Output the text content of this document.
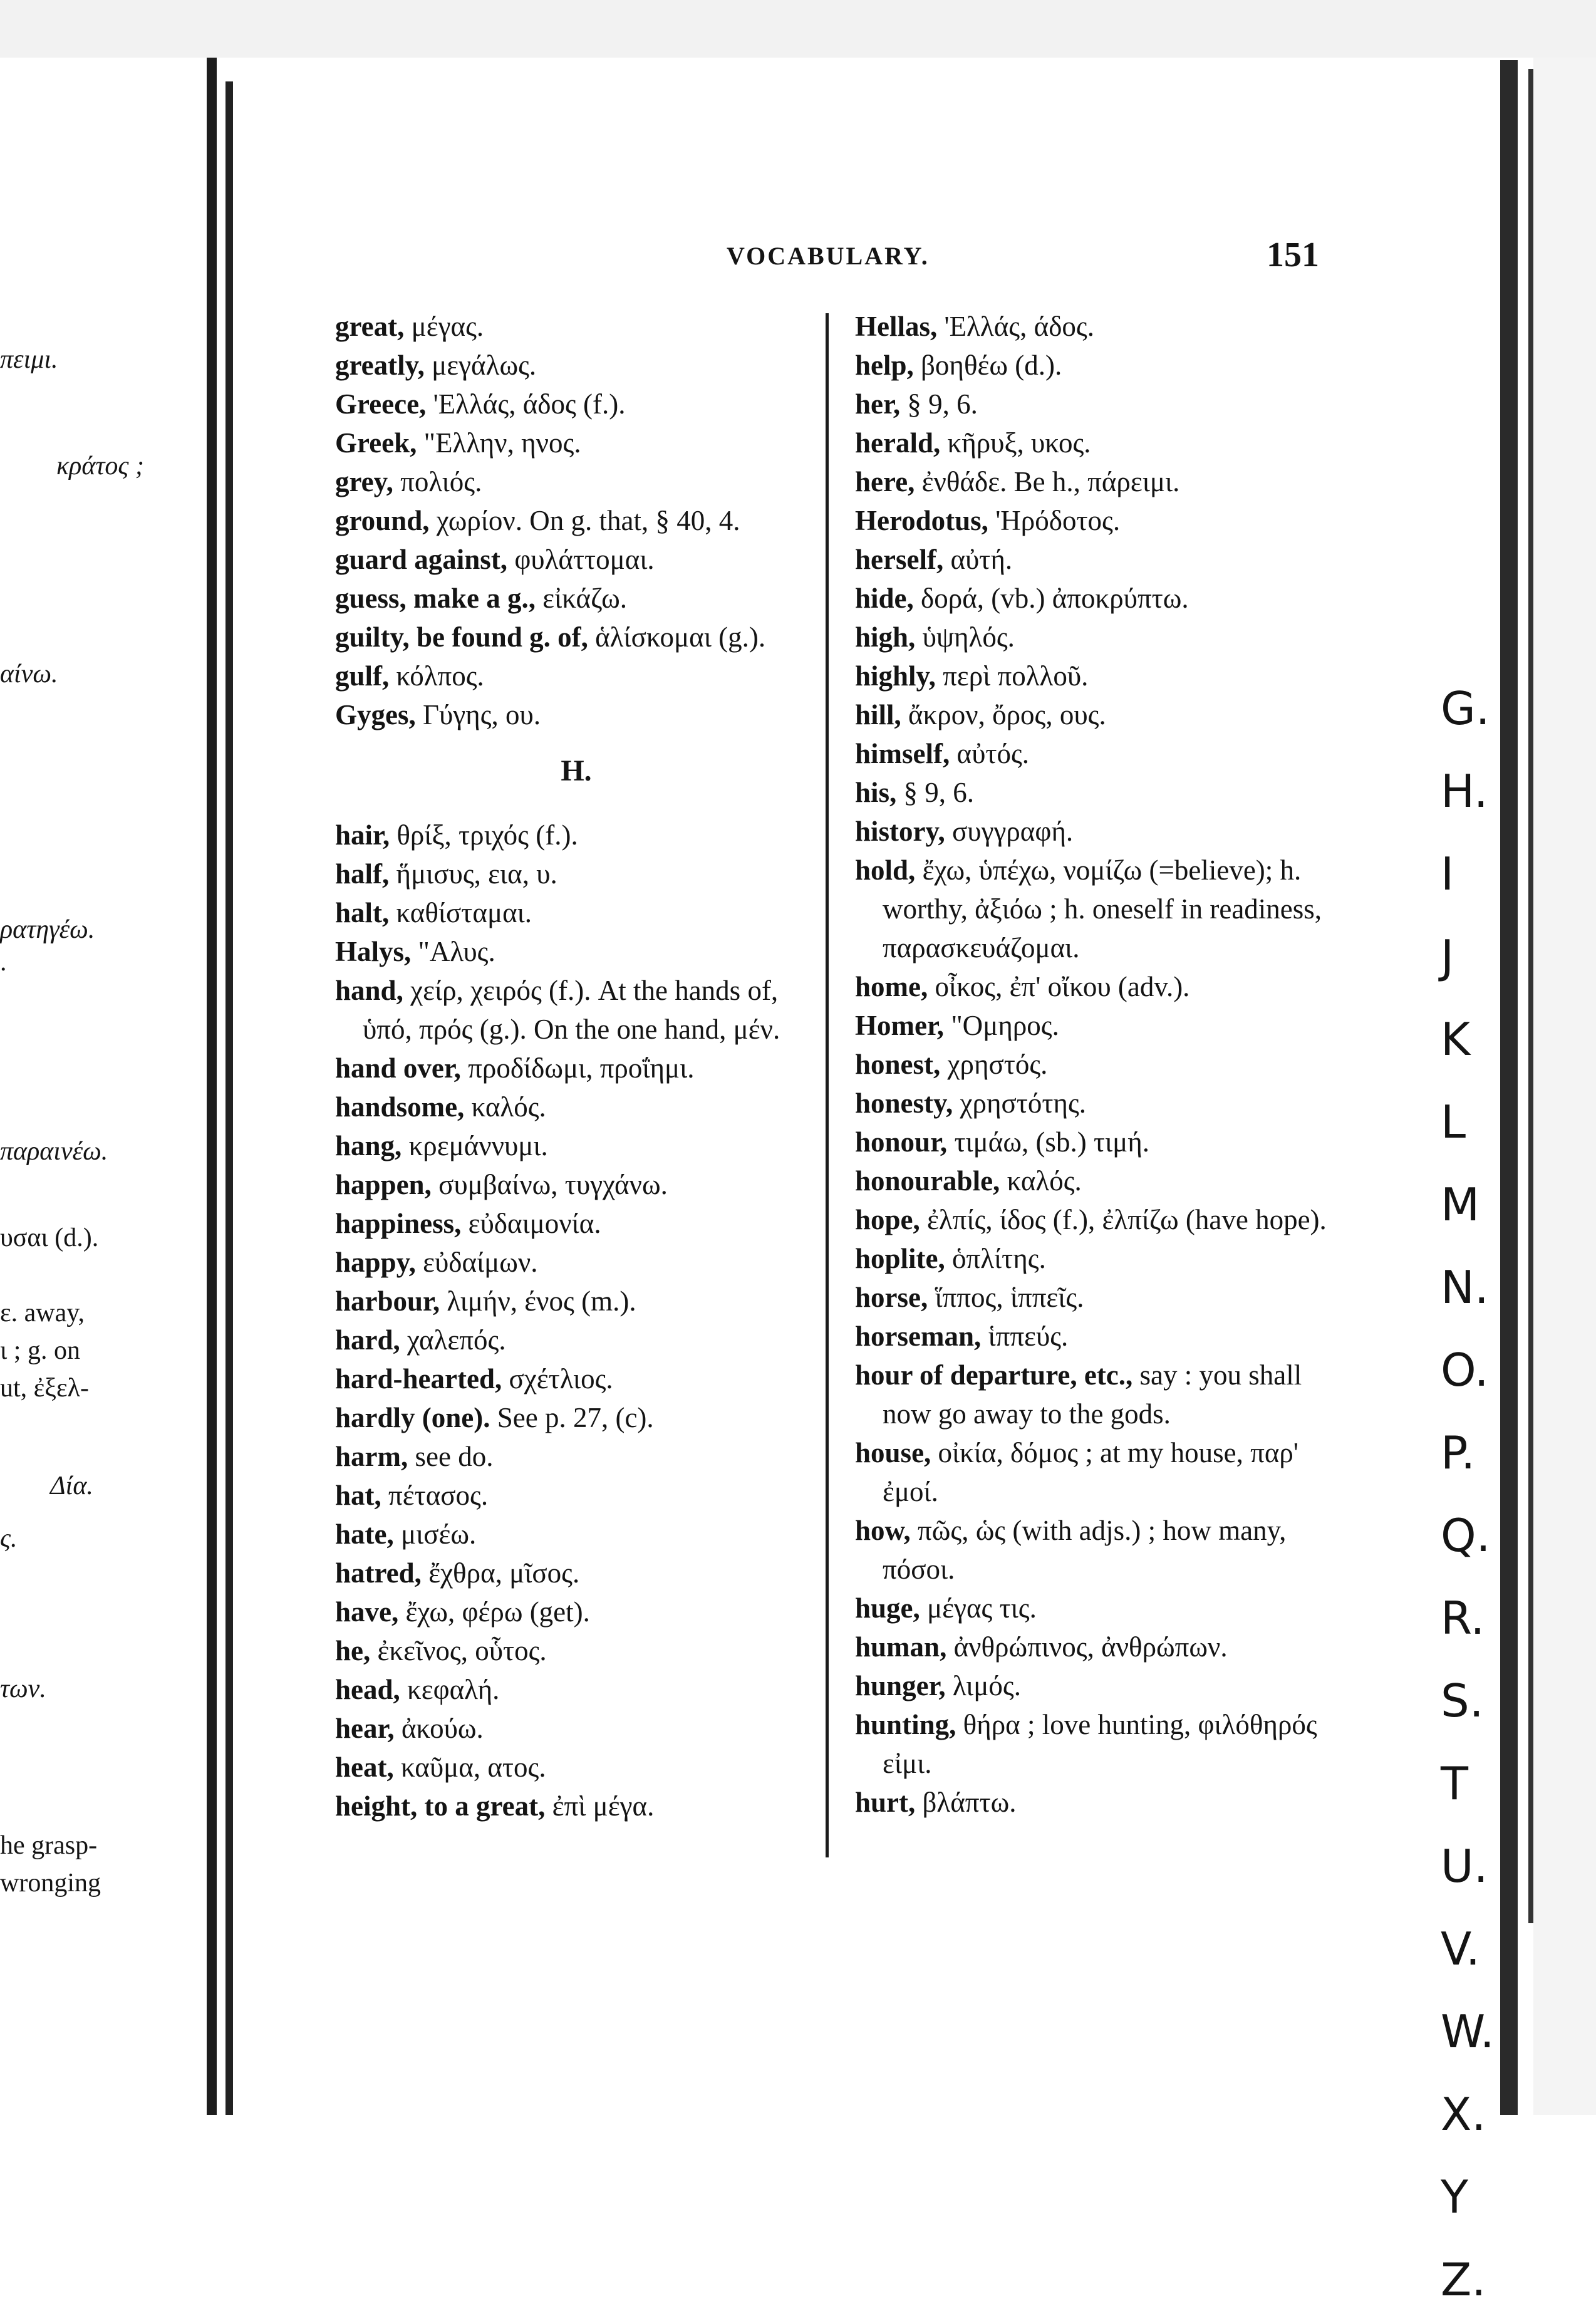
πειμι.
κράτος ;
αίνω.
ρατηγέω.
.
παραινέω.
υσαι (d.).
ε. away,
ι ; g. on
ut, ἐξελ-
Δία.
ς.
των.
he grasp-
wronging
VOCABULARY.	151
great, μέγας.
greatly, μεγάλως.
Greece, 'Ελλάς, άδος (f.).
Greek, "Ελλην, ηνος.
grey, πολιός.
ground, χωρίον. On g. that, § 40, 4.
guard against, φυλάττομαι.
guess, make a g., εἰκάζω.
guilty, be found g. of, ἁλίσκομαι (g.).
gulf, κόλπος.
Gyges, Γύγης, ου.
H.
hair, θρίξ, τριχός (f.).
half, ἥμισυς, εια, υ.
halt, καθίσταμαι.
Halys, "Αλυς.
hand, χείρ, χειρός (f.). At the hands of, ὑπό, πρός (g.). On the one hand, μέν.
hand over, προδίδωμι, προΐημι.
handsome, καλός.
hang, κρεμάννυμι.
happen, συμβαίνω, τυγχάνω.
happiness, εὐδαιμονία.
happy, εὐδαίμων.
harbour, λιμήν, ένος (m.).
hard, χαλεπός.
hard-hearted, σχέτλιος.
hardly (one). See p. 27, (c).
harm, see do.
hat, πέτασος.
hate, μισέω.
hatred, ἔχθρα, μῖσος.
have, ἔχω, φέρω (get).
he, ἐκεῖνος, οὗτος.
head, κεφαλή.
hear, ἀκούω.
heat, καῦμα, ατος.
height, to a great, ἐπὶ μέγα.
Hellas, 'Ελλάς, άδος.
help, βοηθέω (d.).
her, § 9, 6.
herald, κῆρυξ, υκος.
here, ἐνθάδε. Be h., πάρειμι.
Herodotus, 'Ηρόδοτος.
herself, αὐτή.
hide, δορά, (vb.) ἀποκρύπτω.
high, ὑψηλός.
highly, περὶ πολλοῦ.
hill, ἄκρον, ὄρος, ους.
himself, αὐτός.
his, § 9, 6.
history, συγγραφή.
hold, ἔχω, ὑπέχω, νομίζω (=believe); h. worthy, ἀξιόω ; h. oneself in readiness, παρασκευάζομαι.
home, οἶκος, ἐπ' οἴκου (adv.).
Homer, "Ομηρος.
honest, χρηστός.
honesty, χρηστότης.
honour, τιμάω, (sb.) τιμή.
honourable, καλός.
hope, ἐλπίς, ίδος (f.), ἐλπίζω (have hope).
hoplite, ὁπλίτης.
horse, ἵππος, ἱππεῖς.
horseman, ἱππεύς.
hour of departure, etc., say : you shall now go away to the gods.
house, οἰκία, δόμος ; at my house, παρ' ἐμοί.
how, πῶς, ὡς (with adjs.) ; how many, πόσοι.
huge, μέγας τις.
human, ἀνθρώπινος, ἀνθρώπων.
hunger, λιμός.
hunting, θήρα ; love hunting, φιλόθηρός εἰμι.
hurt, βλάπτω.
G.
H.
I
J
K
L
M
N.
O.
P.
Q.
R.
S.
T
U.
V.
W.
X.
Y
Z.
